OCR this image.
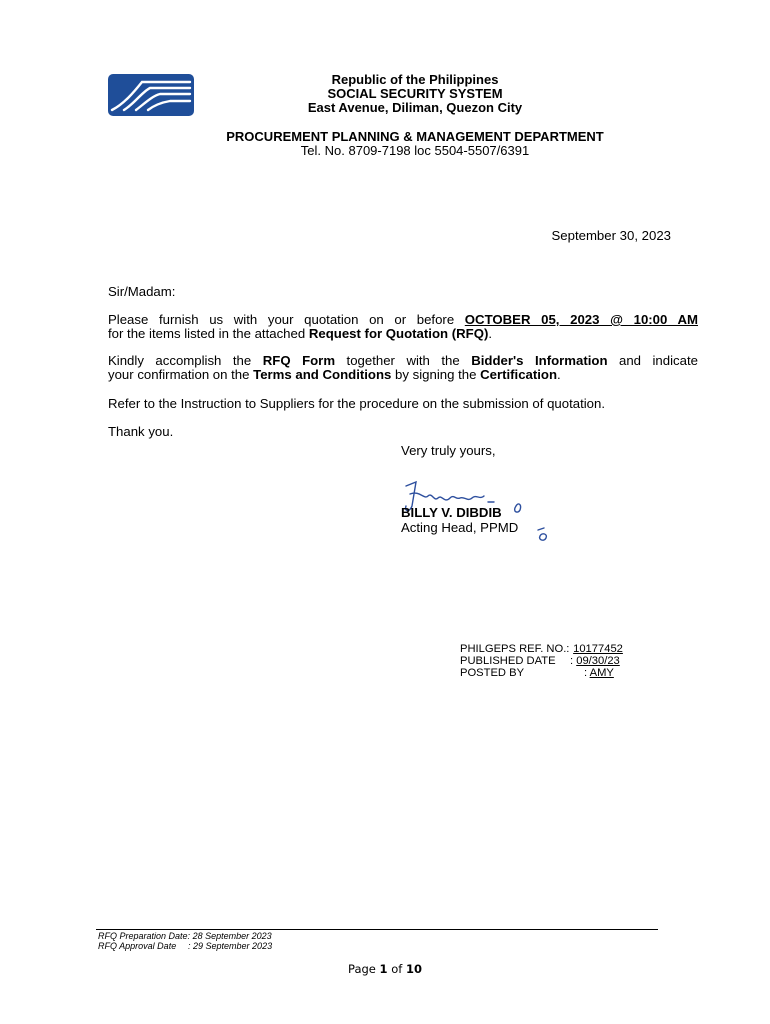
Republic of the Philippines
SOCIAL SECURITY SYSTEM
East Avenue, Diliman, Quezon City
PROCUREMENT PLANNING & MANAGEMENT DEPARTMENT
Tel. No. 8709-7198 loc 5504-5507/6391
September 30, 2023
Sir/Madam:
Please furnish us with your quotation on or before OCTOBER 05, 2023 @ 10:00 AM
for the items listed in the attached Request for Quotation (RFQ).
Kindly accomplish the RFQ Form together with the Bidder's Information and indicate
your confirmation on the Terms and Conditions by signing the Certification.
Refer to the Instruction to Suppliers for the procedure on the submission of quotation.
Thank you.
Very truly yours,
BILLY V. DIBDIB
Acting Head, PPMD
PHILGEPS REF. NO.: 10177452
PUBLISHED DATE : 09/30/23
POSTED BY	: AMY
RFQ Preparation Date: 28 September 2023
RFQ Approval Date : 29 September 2023
Page 1 of 10
